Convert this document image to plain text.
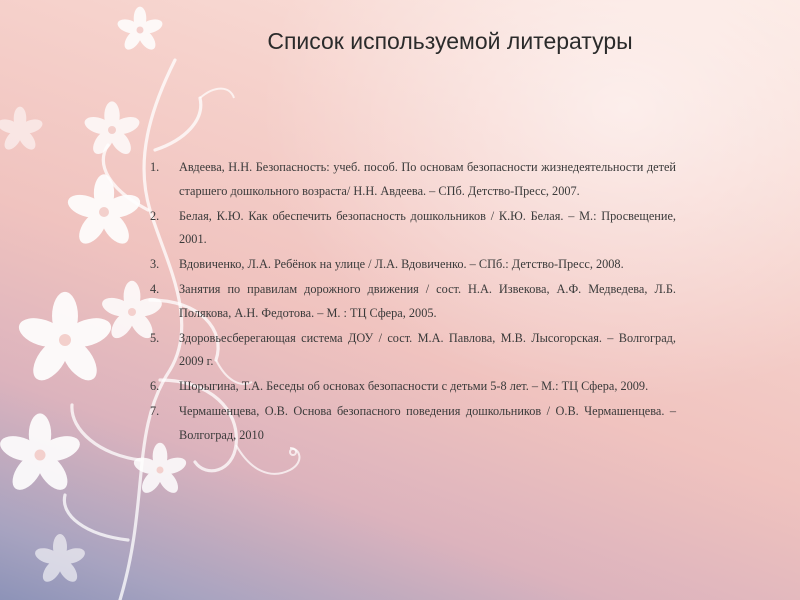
Список используемой литературы
1.	Авдеева, Н.Н. Безопасность: учеб. пособ. По основам безопасности жизнедеятельности детей старшего дошкольного возраста/ Н.Н. Авдеева. – СПб. Детство-Пресс, 2007.
2.	Белая, К.Ю. Как обеспечить безопасность дошкольников / К.Ю. Белая. – М.: Просвещение, 2001.
3.	Вдовиченко, Л.А. Ребёнок на улице / Л.А. Вдовиченко. – СПб.: Детство-Пресс, 2008.
4.	Занятия по правилам дорожного движения / сост. Н.А. Извекова, А.Ф. Медведева, Л.Б. Полякова, А.Н. Федотова. – М. : ТЦ Сфера, 2005.
5.	Здоровьесберегающая система ДОУ / сост. М.А. Павлова, М.В. Лысогорская. – Волгоград, 2009 г.
6.	Шорыгина, Т.А. Беседы об основах безопасности с детьми 5-8 лет. – М.: ТЦ Сфера, 2009.
7.	Чермашенцева, О.В. Основа безопасного поведения дошкольников / О.В. Чермашенцева. – Волгоград, 2010
